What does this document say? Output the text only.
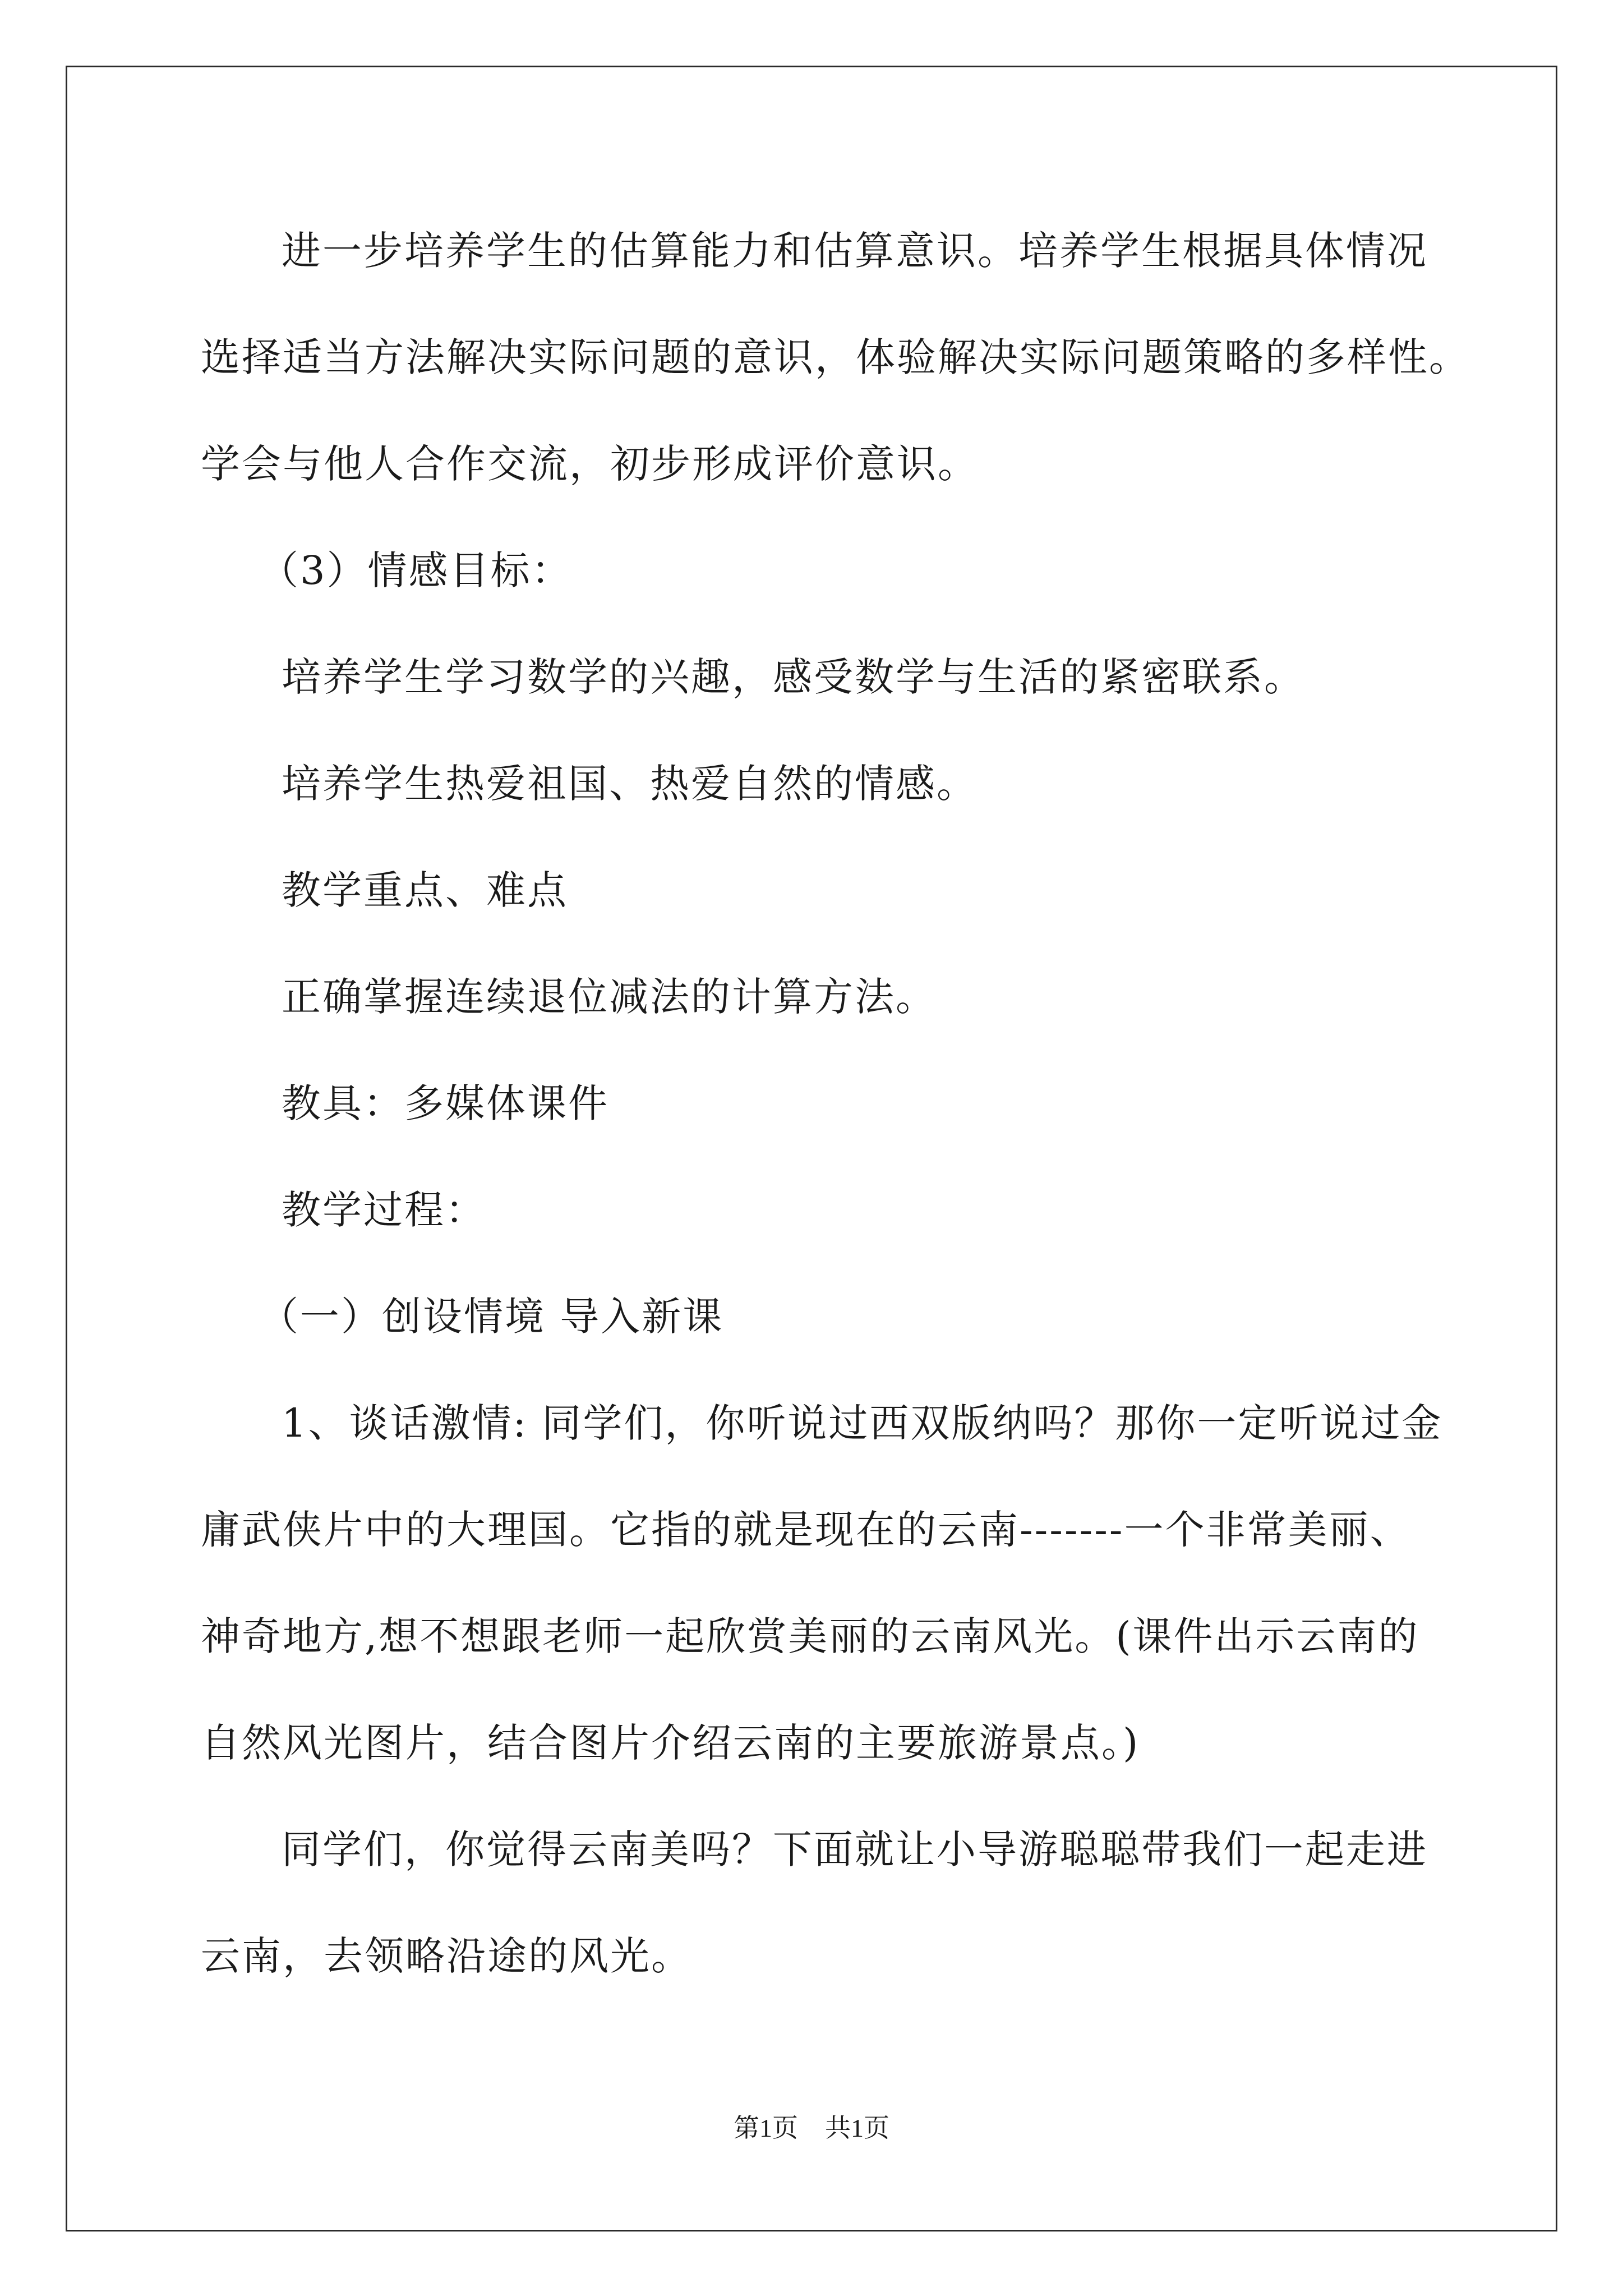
进一步培养学生的估算能力和估算意识。培养学生根据具体情况
选择适当方法解决实际问题的意识，体验解决实际问题策略的多样性。
学会与他人合作交流，初步形成评价意识。
（3）情感目标：
培养学生学习数学的兴趣，感受数学与生活的紧密联系。
培养学生热爱祖国、热爱自然的情感。
教学重点、难点
正确掌握连续退位减法的计算方法。
教具：多媒体课件
教学过程：
（一）创设情境 导入新课
1、谈话激情: 同学们，你听说过西双版纳吗？那你一定听说过金
庸武侠片中的大理国。它指的就是现在的云南-------一个非常美丽、
神奇地方,想不想跟老师一起欣赏美丽的云南风光。(课件出示云南的
自然风光图片，结合图片介绍云南的主要旅游景点。)
同学们，你觉得云南美吗？下面就让小导游聪聪带我们一起走进
云南，去领略沿途的风光。
第1页 共1页
